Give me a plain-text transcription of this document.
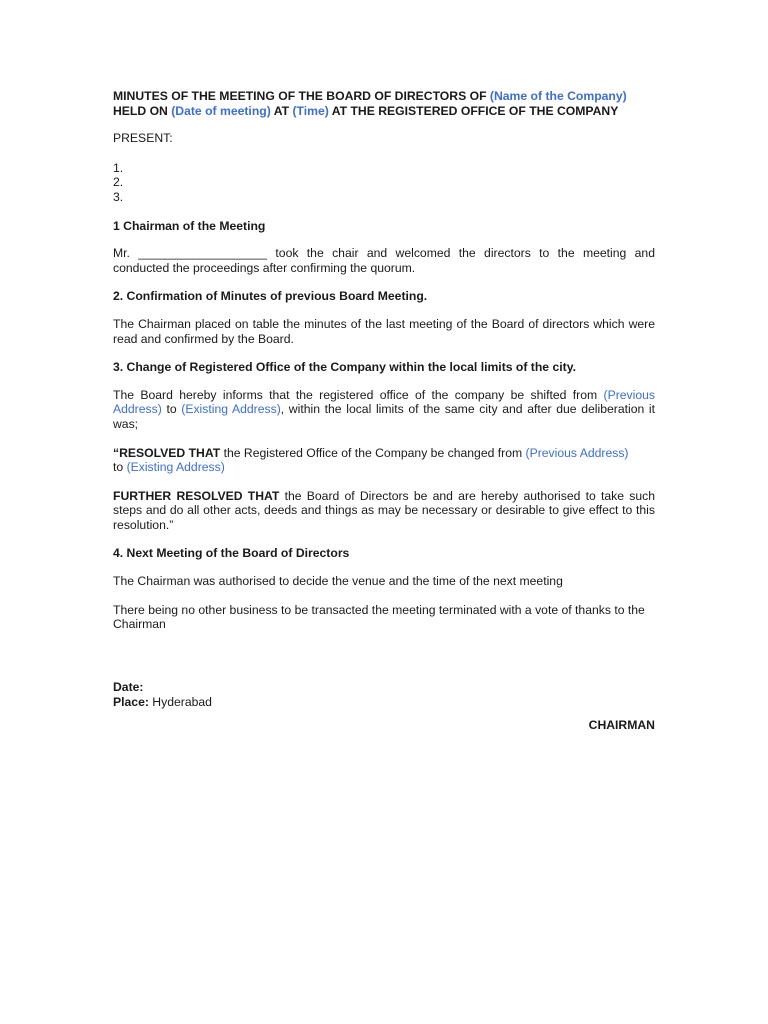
MINUTES OF THE MEETING OF THE BOARD OF DIRECTORS OF (Name of the Company)
HELD ON (Date of meeting) AT (Time) AT THE REGISTERED OFFICE OF THE COMPANY

PRESENT:

1.
2.
3.
1 Chairman of the Meeting

Mr. ___________________ took the chair and welcomed the directors to the meeting and conducted the proceedings after confirming the quorum.

2. Confirmation of Minutes of previous Board Meeting.

The Chairman placed on table the minutes of the last meeting of the Board of directors which were read and confirmed by the Board.

3. Change of Registered Office of the Company within the local limits of the city.

The Board hereby informs that the registered office of the company be shifted from (Previous Address) to (Existing Address), within the local limits of the same city and after due deliberation it was;

“RESOLVED THAT the Registered Office of the Company be changed from (Previous Address)
to (Existing Address)

FURTHER RESOLVED THAT the Board of Directors be and are hereby authorised to take such steps and do all other acts, deeds and things as may be necessary or desirable to give effect to this resolution.”

4. Next Meeting of the Board of Directors

The Chairman was authorised to decide the venue and the time of the next meeting

There being no other business to be transacted the meeting terminated with a vote of thanks to the Chairman

Date:
Place: Hyderabad
CHAIRMAN
